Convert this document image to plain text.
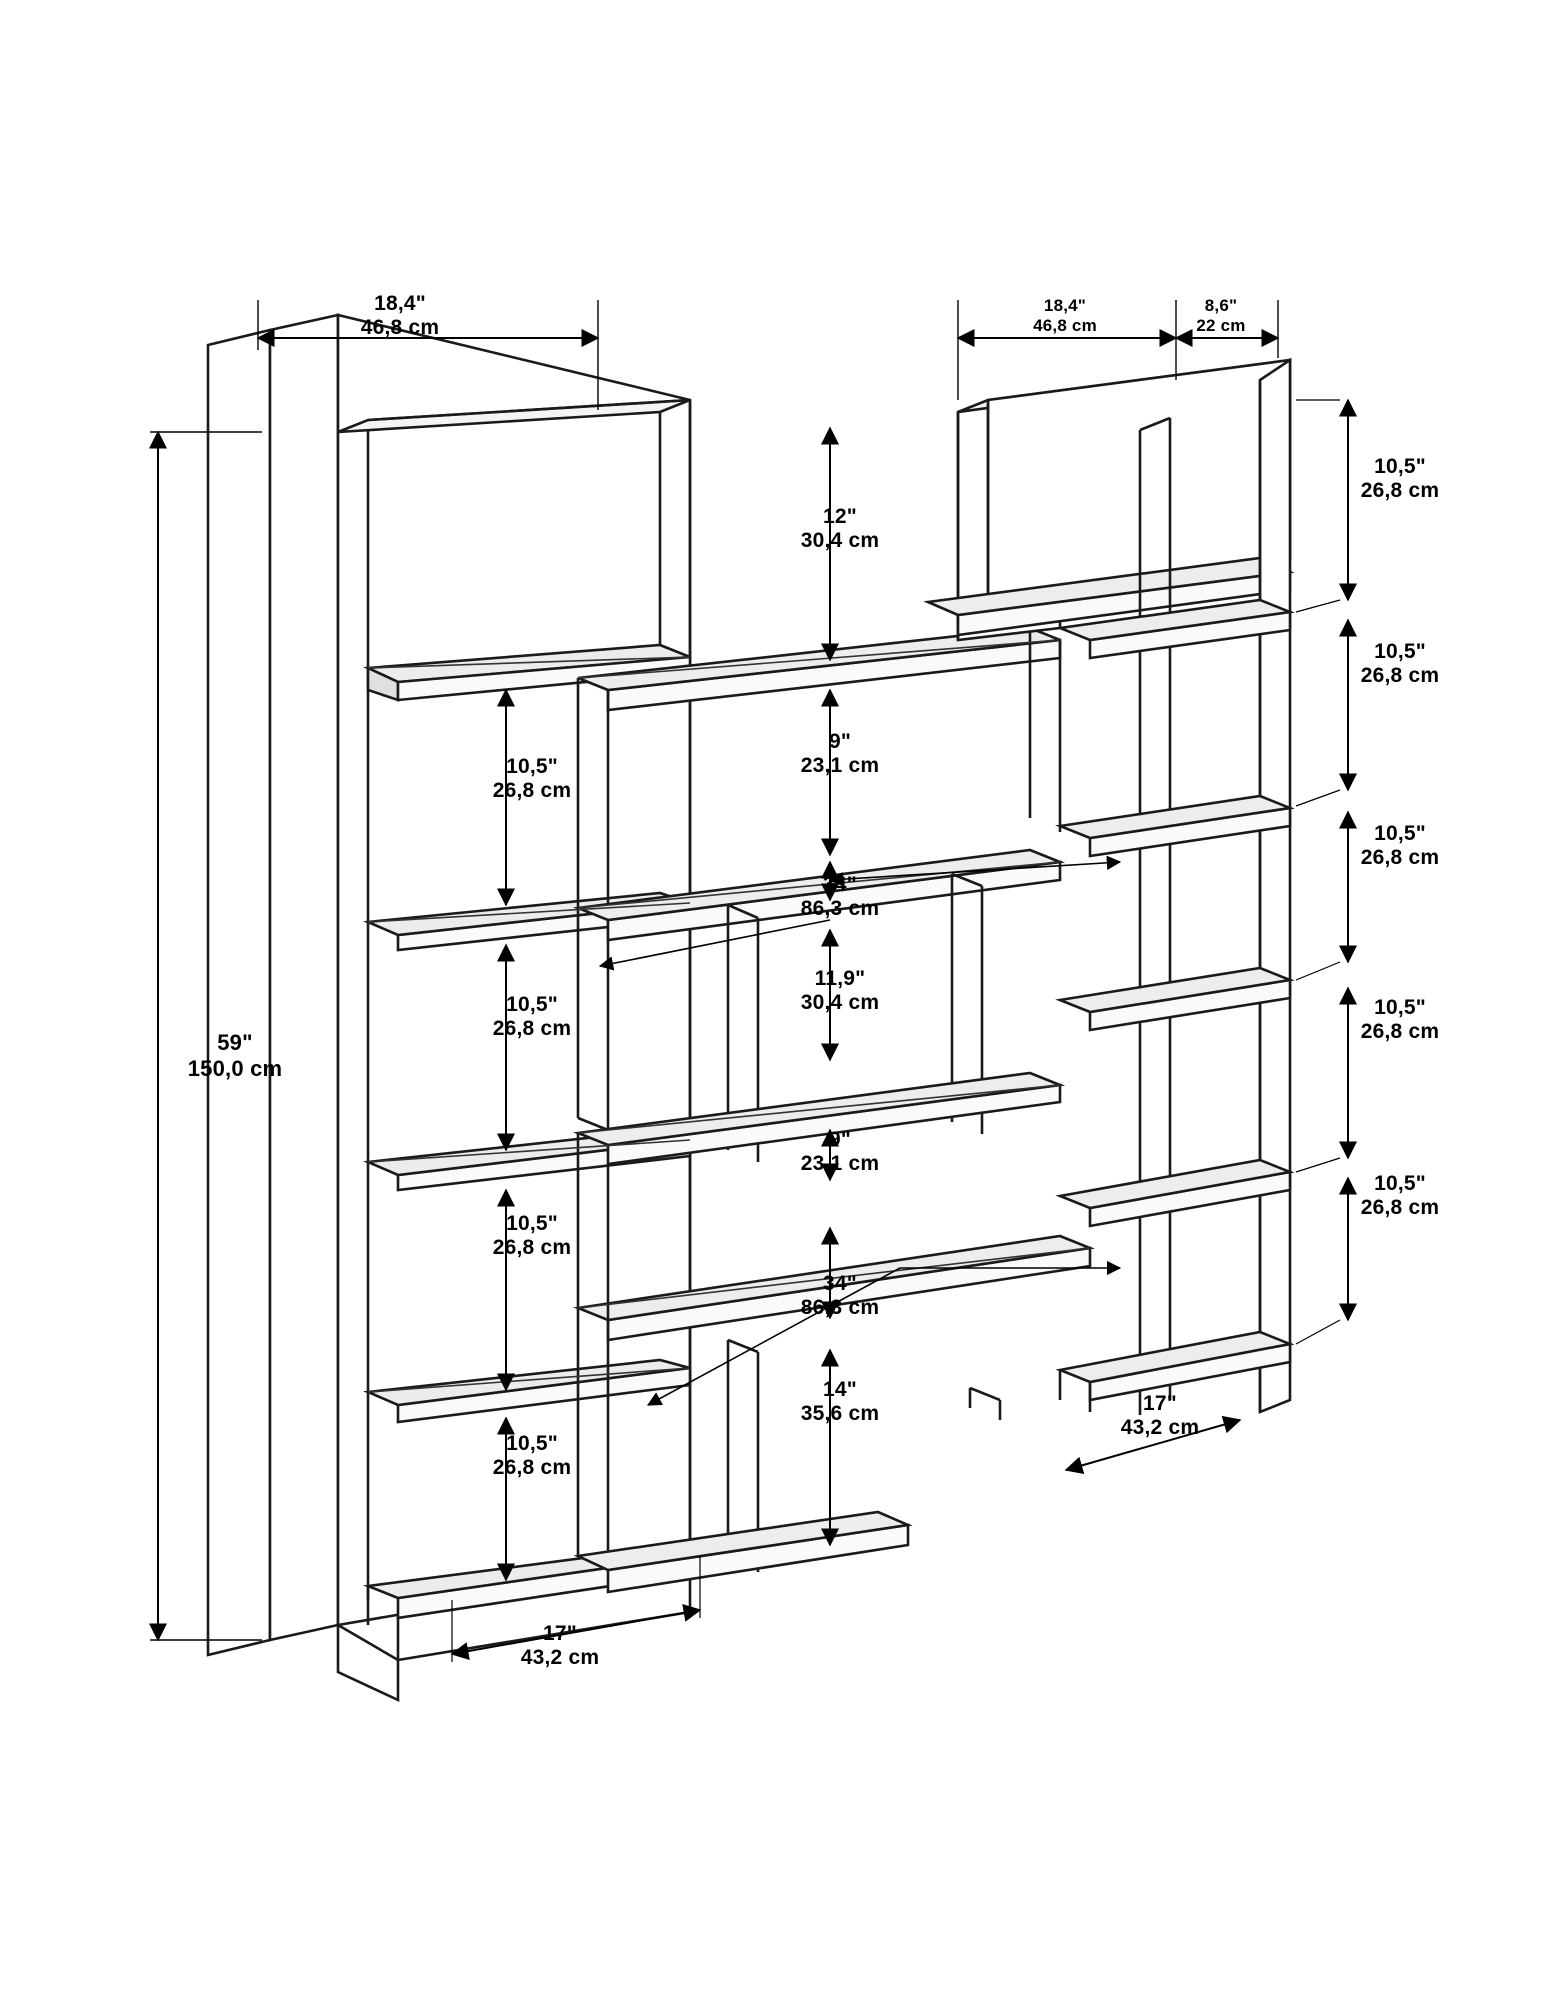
18,4"
46,8 cm
18,4"
46,8 cm
8,6"
22 cm
59"
150,0 cm
12"
30,4 cm
10,5"
26,8 cm
10,5"
26,8 cm
10,5"
26,8 cm
10,5"
26,8 cm
10,5"
26,8 cm
10,5"
26,8 cm
10,5"
26,8 cm
10,5"
26,8 cm
10,5"
26,8 cm
9"
23,1 cm
34"
86,3 cm
11,9"
30,4 cm
9"
23,1 cm
34"
86,3 cm
14"
35,6 cm	17"
43,2 cm
17"
43,2 cm
